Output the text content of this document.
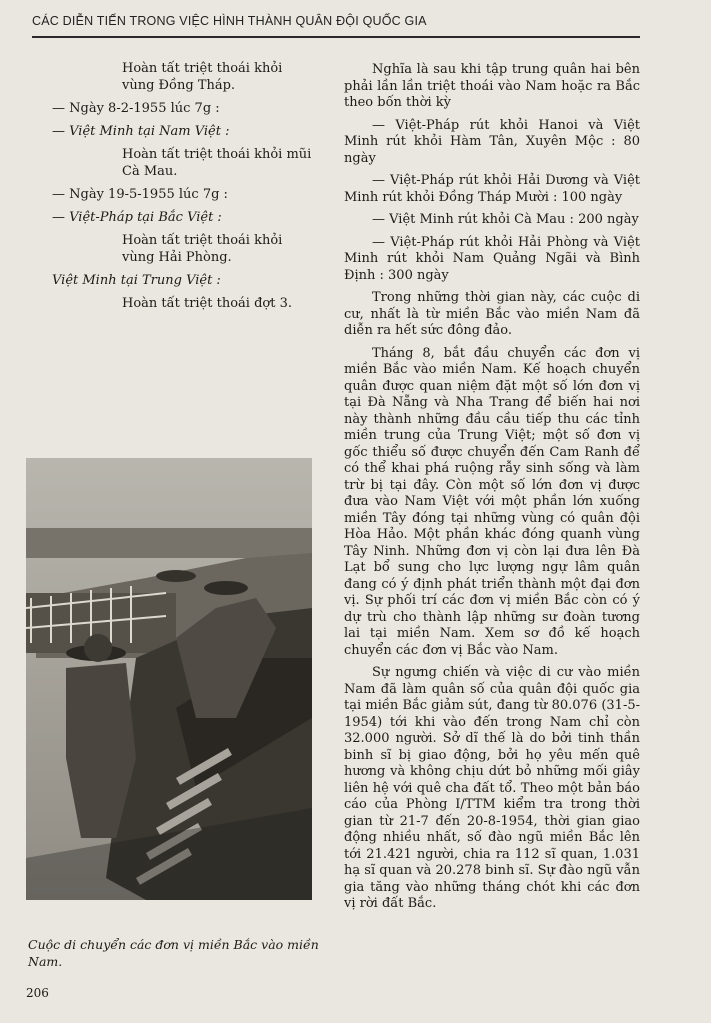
CÁC DIỄN TIẾN TRONG VIỆC HÌNH THÀNH QUÂN ĐỘI QUỐC GIA
Hoàn tất triệt thoái khỏi vùng Đồng Tháp.
— Ngày 8-2-1955 lúc 7g :
— Việt Minh tại Nam Việt :
Hoàn tất triệt thoái khỏi mũi Cà Mau.
— Ngày 19-5-1955 lúc 7g :
— Việt-Pháp tại Bắc Việt :
Hoàn tất triệt thoái khỏi vùng Hải Phòng.
Việt Minh tại Trung Việt :
Hoàn tất triệt thoái đợt 3.

Nghĩa là sau khi tập trung quân hai bên phải lần lần triệt thoái vào Nam hoặc ra Bắc theo bốn thời kỳ

— Việt-Pháp rút khỏi Hanoi và Việt Minh rút khỏi Hàm Tân, Xuyên Mộc : 80 ngày

— Việt-Pháp rút khỏi Hải Dương và Việt Minh rút khỏi Đồng Tháp Mười : 100 ngày

— Việt Minh rút khỏi Cà Mau : 200 ngày

— Việt-Pháp rút khỏi Hải Phòng và Việt Minh rút khỏi Nam Quảng Ngãi và Bình Định : 300 ngày

Trong những thời gian này, các cuộc di cư, nhất là từ miền Bắc vào miền Nam đã diễn ra hết sức đông đảo.

Tháng 8, bắt đầu chuyển các đơn vị miền Bắc vào miền Nam. Kế hoạch chuyển quân được quan niệm đặt một số lớn đơn vị tại Đà Nẵng và Nha Trang để biến hai nơi này thành những đầu cầu tiếp thu các tỉnh miền trung của Trung Việt; một số đơn vị gốc thiểu số được chuyển đến Cam Ranh để có thể khai phá ruộng rẫy sinh sống và làm trừ bị tại đây. Còn một số lớn đơn vị được đưa vào Nam Việt với một phần lớn xuống miền Tây đóng tại những vùng có quân đội Hòa Hảo. Một phần khác đóng quanh vùng Tây Ninh. Những đơn vị còn lại đưa lên Đà Lạt bổ sung cho lực lượng ngự lâm quân đang có ý định phát triển thành một đại đơn vị. Sự phối trí các đơn vị miền Bắc còn có ý dự trù cho thành lập những sư đoàn tương lai tại miền Nam. Xem sơ đồ kế hoạch chuyển các đơn vị Bắc vào Nam.

Sự ngưng chiến và việc di cư vào miền Nam đã làm quân số của quân đội quốc gia tại miền Bắc giảm sút, đang từ 80.076 (31-5-1954) tới khi vào đến trong Nam chỉ còn 32.000 người. Sở dĩ thế là do bởi tinh thần binh sĩ bị giao động, bởi họ yêu mến quê hương và không chịu dứt bỏ những mối giây liên hệ với quê cha đất tổ. Theo một bản báo cáo của Phòng I/TTM kiểm tra trong thời gian từ 21-7 đến 20-8-1954, thời gian giao động nhiều nhất, số đào ngũ miền Bắc lên tới 21.421 người, chia ra 112 sĩ quan, 1.031 hạ sĩ quan và 20.278 binh sĩ. Sự đào ngũ vẫn gia tăng vào những tháng chót khi các đơn vị rời đất Bắc.

Cuộc di chuyển các đơn vị miền Bắc vào miền Nam.
206
